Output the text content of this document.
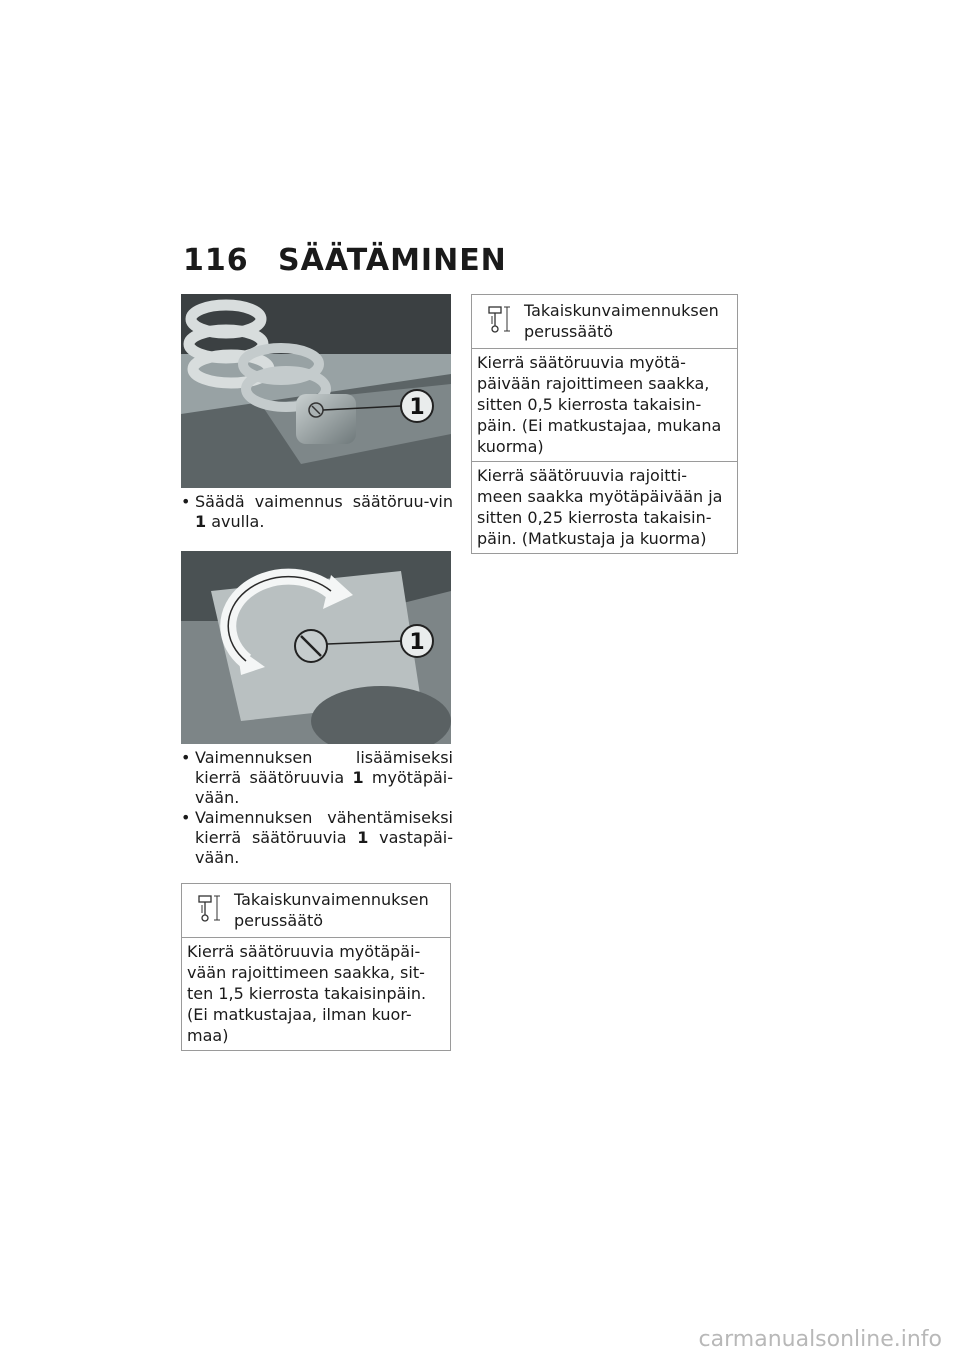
116 SÄÄTÄMINEN
1
• Säädä vaimennus säätöruu-vin 1 avulla.
1
• Vaimennuksen lisäämiseksi kierrä säätöruuvia 1 myötäpäi-vään.
• Vaimennuksen vähentämiseksi kierrä säätöruuvia 1 vastapäi-vään.
Takaiskunvaimennuksen perussäätö
Kierrä säätöruuvia myötäpäi-vään rajoittimeen saakka, sit-ten 1,5 kierrosta takaisinpäin. (Ei matkustajaa, ilman kuor-maa)
Takaiskunvaimennuksen perussäätö
Kierrä säätöruuvia myötä-päivään rajoittimeen saakka, sitten 0,5 kierrosta takaisin-päin. (Ei matkustajaa, mukana kuorma)
Kierrä säätöruuvia rajoitti-meen saakka myötäpäivään ja sitten 0,25 kierrosta takaisin-päin. (Matkustaja ja kuorma)
carmanualsonline.info
